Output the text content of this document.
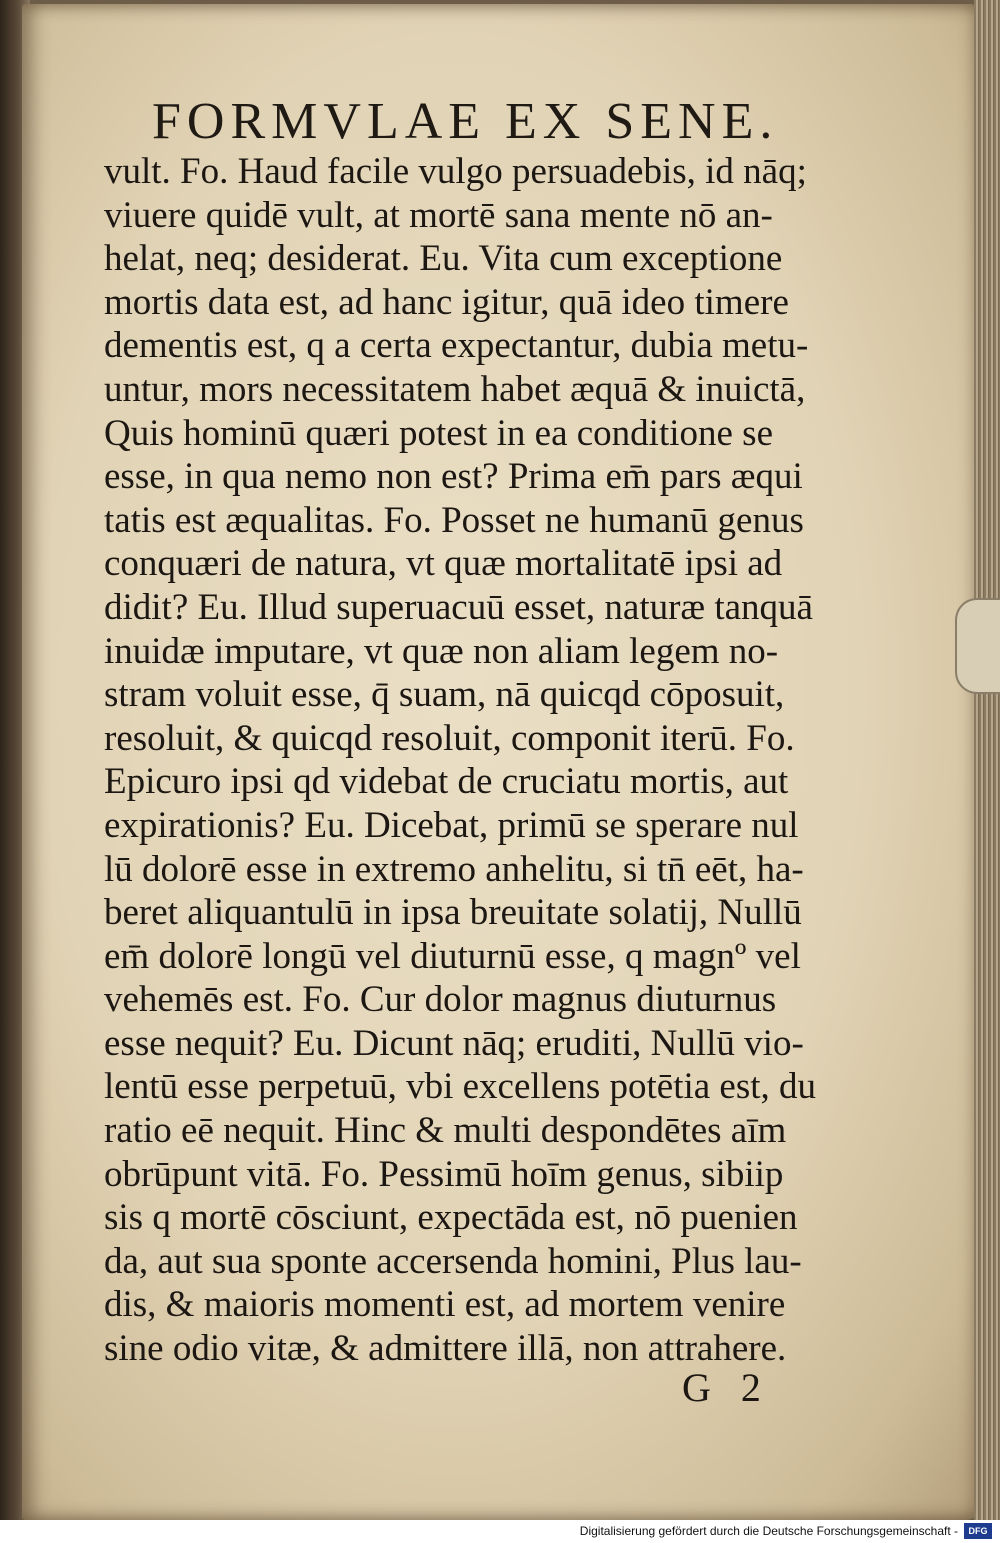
FORMVLAE EX SENE.
vult. Fo. Haud facile vulgo persuadebis, id nāq;
viuere quidē vult, at mortē sana mente nō an-
helat, neq; desiderat. Eu. Vita cum exceptione
mortis data est, ad hanc igitur, quā ideo timere
dementis est, q a certa expectantur, dubia metu-
untur, mors necessitatem habet æquā & inuictā,
Quis hominū quæri potest in ea conditione se
esse, in qua nemo non est? Prima em̄ pars æqui
tatis est æqualitas. Fo. Posset ne humanū genus
conquæri de natura, vt quæ mortalitatē ipsi ad
didit? Eu. Illud superuacuū esset, naturæ tanquā
inuidæ imputare, vt quæ non aliam legem no-
stram voluit esse, q̄ suam, nā quicqd cōposuit,
resoluit, & quicqd resoluit, componit iterū. Fo.
Epicuro ipsi qd videbat de cruciatu mortis, aut
expirationis? Eu. Dicebat, primū se sperare nul
lū dolorē esse in extremo anhelitu, si tn̄ eēt, ha-
beret aliquantulū in ipsa breuitate solatij, Nullū
em̄ dolorē longū vel diuturnū esse, q magnº vel
vehemēs est. Fo. Cur dolor magnus diuturnus
esse nequit? Eu. Dicunt nāq; eruditi, Nullū vio-
lentū esse perpetuū, vbi excellens potētia est, du
ratio eē nequit. Hinc & multi despondētes aīm
obrūpunt vitā. Fo. Pessimū hoīm genus, sibiip
sis q mortē cōsciunt, expectāda est, nō puenien
da, aut sua sponte accersenda homini, Plus lau-
dis, & maioris momenti est, ad mortem venire
sine odio vitæ, & admittere illā, non attrahere.
G 2
Digitalisierung gefördert durch die Deutsche Forschungsgemeinschaft -	DFG
